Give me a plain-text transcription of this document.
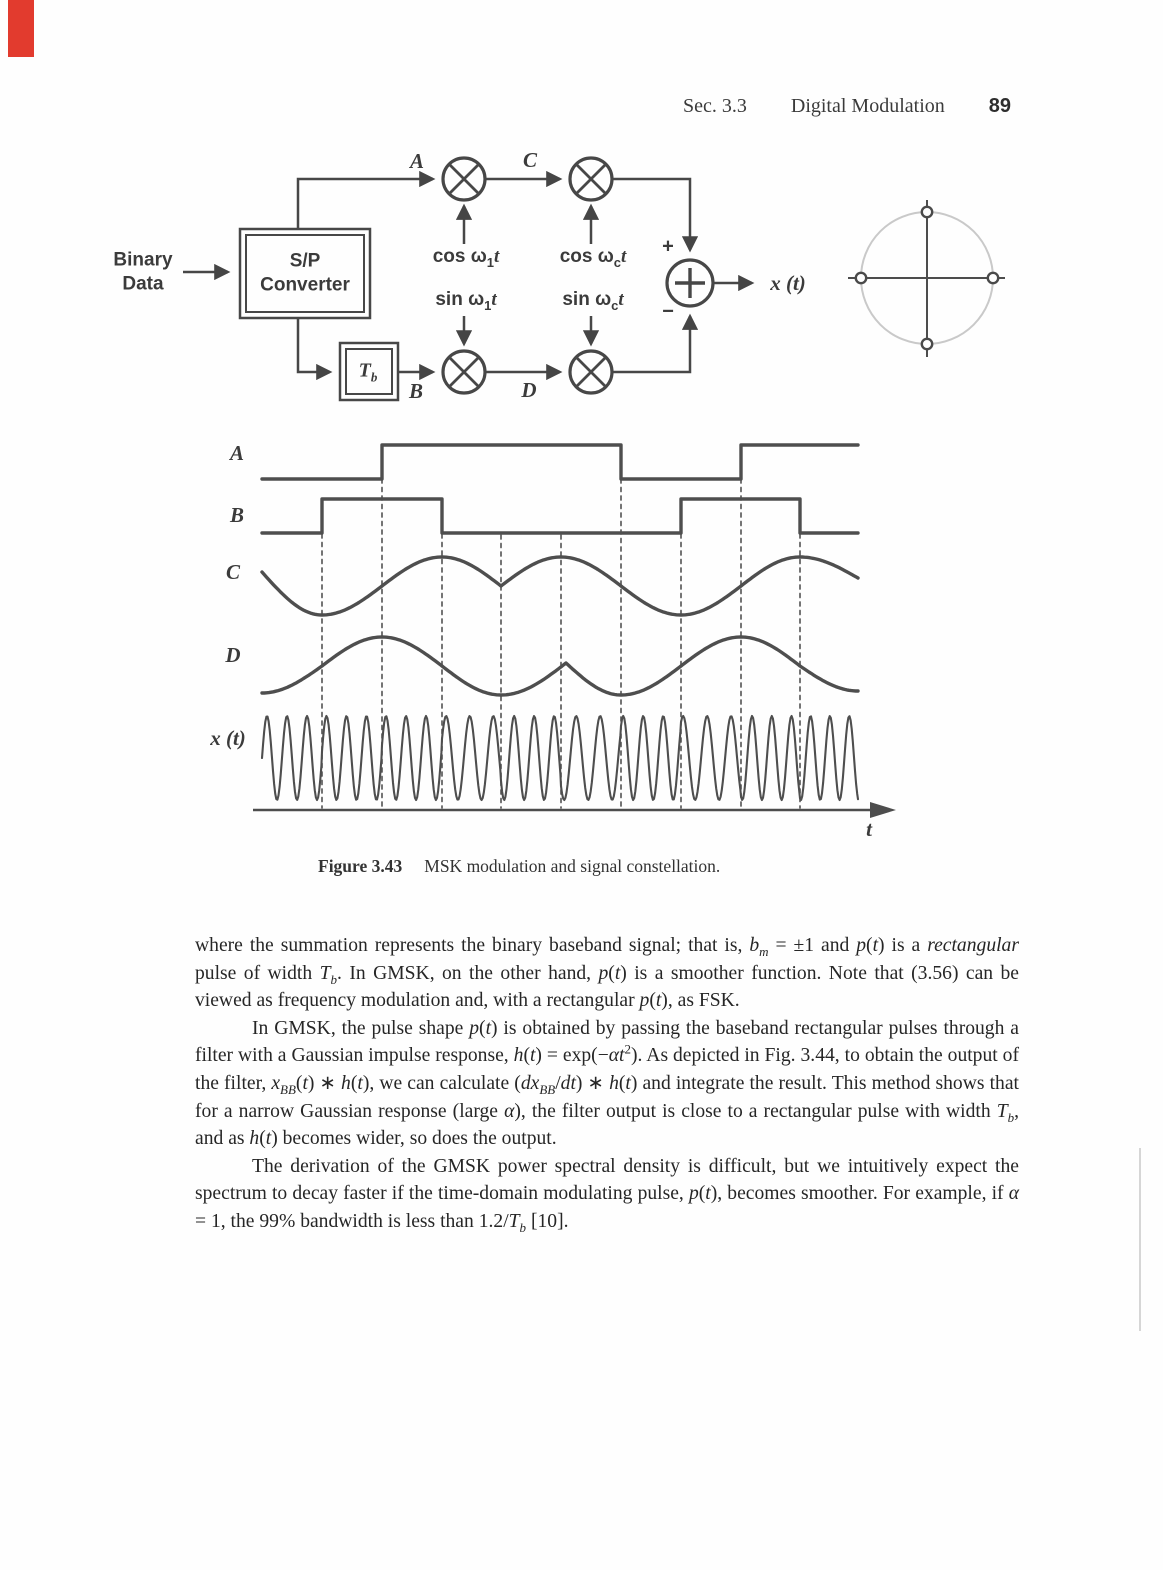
Sec. 3.3 Digital Modulation 89
Binary
Data
S/P
Converter
$T_b$
A	C
B	D
$\cos \omega_1t$	$\cos \omega_ct$
$\sin \omega_1t$	$\sin \omega_ct$
+
−
x (t)
A
B
C
D
x (t)
t
Figure 3.43 MSK modulation and signal constellation.

where the summation represents the binary baseband signal; that is, $b_m = \pm 1$ and p(t) is a rectangular pulse of width $T_b$. In GMSK, on the other hand, p(t) is a smoother function. Note that (3.56) can be viewed as frequency modulation and, with a rectangular p(t), as FSK.

In GMSK, the pulse shape p(t) is obtained by passing the baseband rectangular pulses through a filter with a Gaussian impulse response, $h(t) = \exp(-\alpha t^2)$. As depicted in Fig. 3.44, to obtain the output of the filter, $x_{BB}(t)$ ∗ h(t), we can calculate $(dx_{BB}/dt)$ ∗ h(t) and integrate the result. This method shows that for a narrow Gaussian response (large α), the filter output is close to a rectangular pulse with width $T_b$, and as h(t) becomes wider, so does the output.

The derivation of the GMSK power spectral density is difficult, but we intuitively expect the spectrum to decay faster if the time-domain modulating pulse, p(t), becomes smoother. For example, if α = 1, the 99% bandwidth is less than $1.2/T_b$ [10].
